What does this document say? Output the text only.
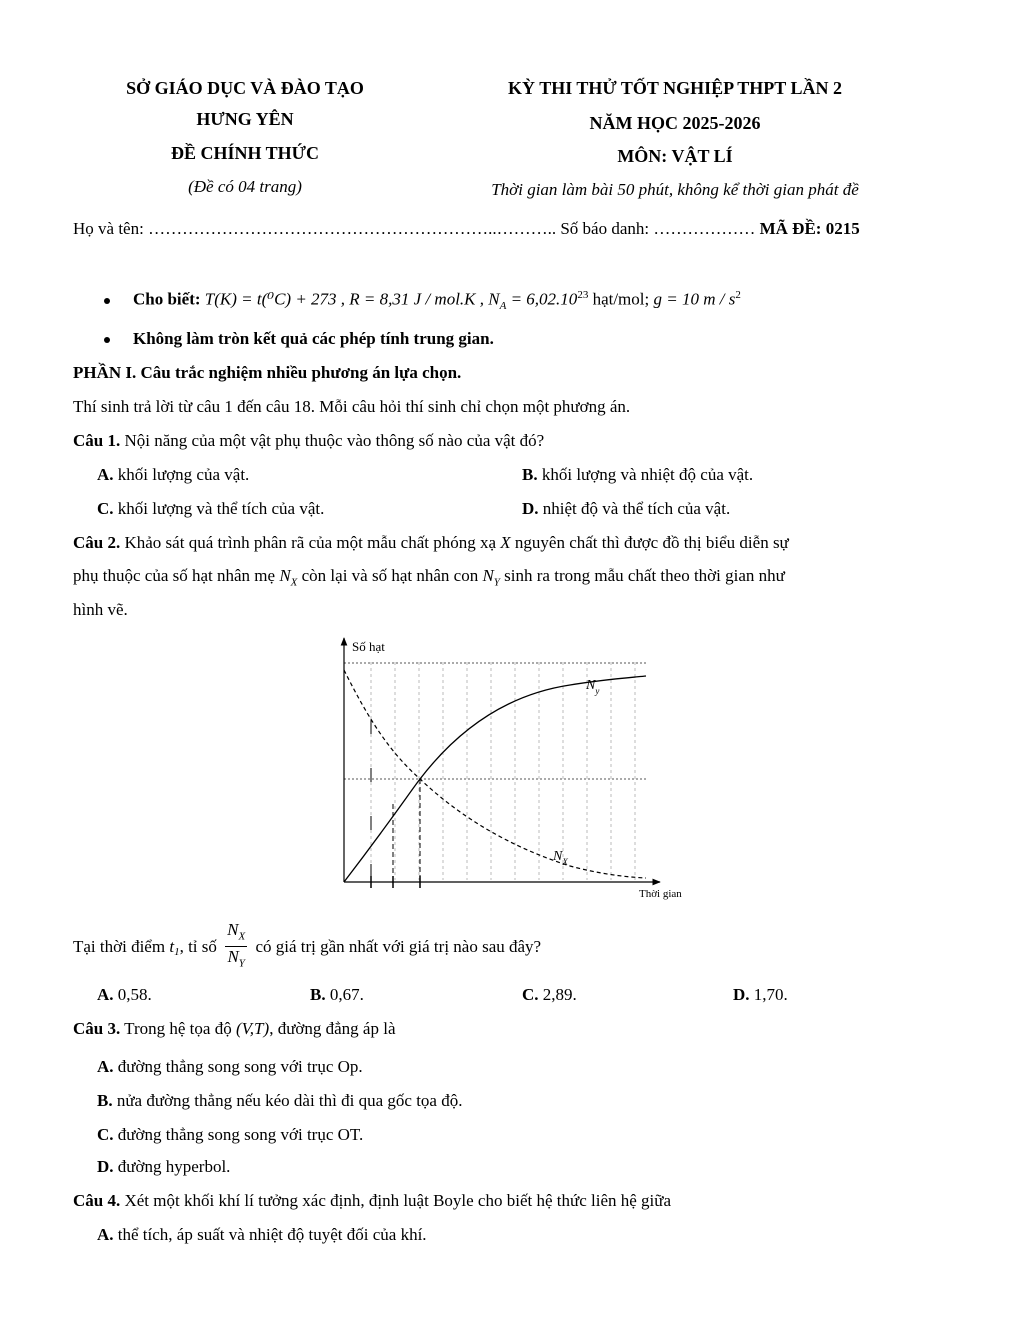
SỞ GIÁO DỤC VÀ ĐÀO TẠO
HƯNG YÊN
ĐỀ CHÍNH THỨC
(Đề có 04 trang)
KỲ THI THỬ TỐT NGHIỆP THPT LẦN 2
NĂM HỌC 2025-2026
MÔN: VẬT LÍ
Thời gian làm bài 50 phút, không kể thời gian phát đề
Họ và tên: ……………………………………………………..……….. Số báo danh: ……………… MÃ ĐỀ: 0215
Cho biết: T(K) = t(⁰C) + 273 , R = 8,31 J / mol.K , $N_A = 6,02.10^{23}$ hạt/mol; g = 10 m / $s^2$
Không làm tròn kết quả các phép tính trung gian.
PHẦN I. Câu trắc nghiệm nhiều phương án lựa chọn.
Thí sinh trả lời từ câu 1 đến câu 18. Mỗi câu hỏi thí sinh chỉ chọn một phương án.
Câu 1. Nội năng của một vật phụ thuộc vào thông số nào của vật đó?
A. khối lượng của vật.	B. khối lượng và nhiệt độ của vật.
C. khối lượng và thể tích của vật.	D. nhiệt độ và thể tích của vật.
Câu 2. Khảo sát quá trình phân rã của một mẫu chất phóng xạ X nguyên chất thì được đồ thị biểu diễn sự
phụ thuộc của số hạt nhân mẹ $N_X$ còn lại và số hạt nhân con $N_Y$ sinh ra trong mẫu chất theo thời gian như
hình vẽ.
Số hạt
Thời gian
$N_y$
$N_X$
Tại thời điểm $t_1$, tỉ số $\frac{N_X}{N_Y}$ có giá trị gần nhất với giá trị nào sau đây?
A. 0,58.	B. 0,67.	C. 2,89.	D. 1,70.
Câu 3. Trong hệ tọa độ (V,T), đường đẳng áp là
A. đường thẳng song song với trục Op.
B. nửa đường thẳng nếu kéo dài thì đi qua gốc tọa độ.
C. đường thẳng song song với trục OT.
D. đường hyperbol.
Câu 4. Xét một khối khí lí tưởng xác định, định luật Boyle cho biết hệ thức liên hệ giữa
A. thể tích, áp suất và nhiệt độ tuyệt đối của khí.
